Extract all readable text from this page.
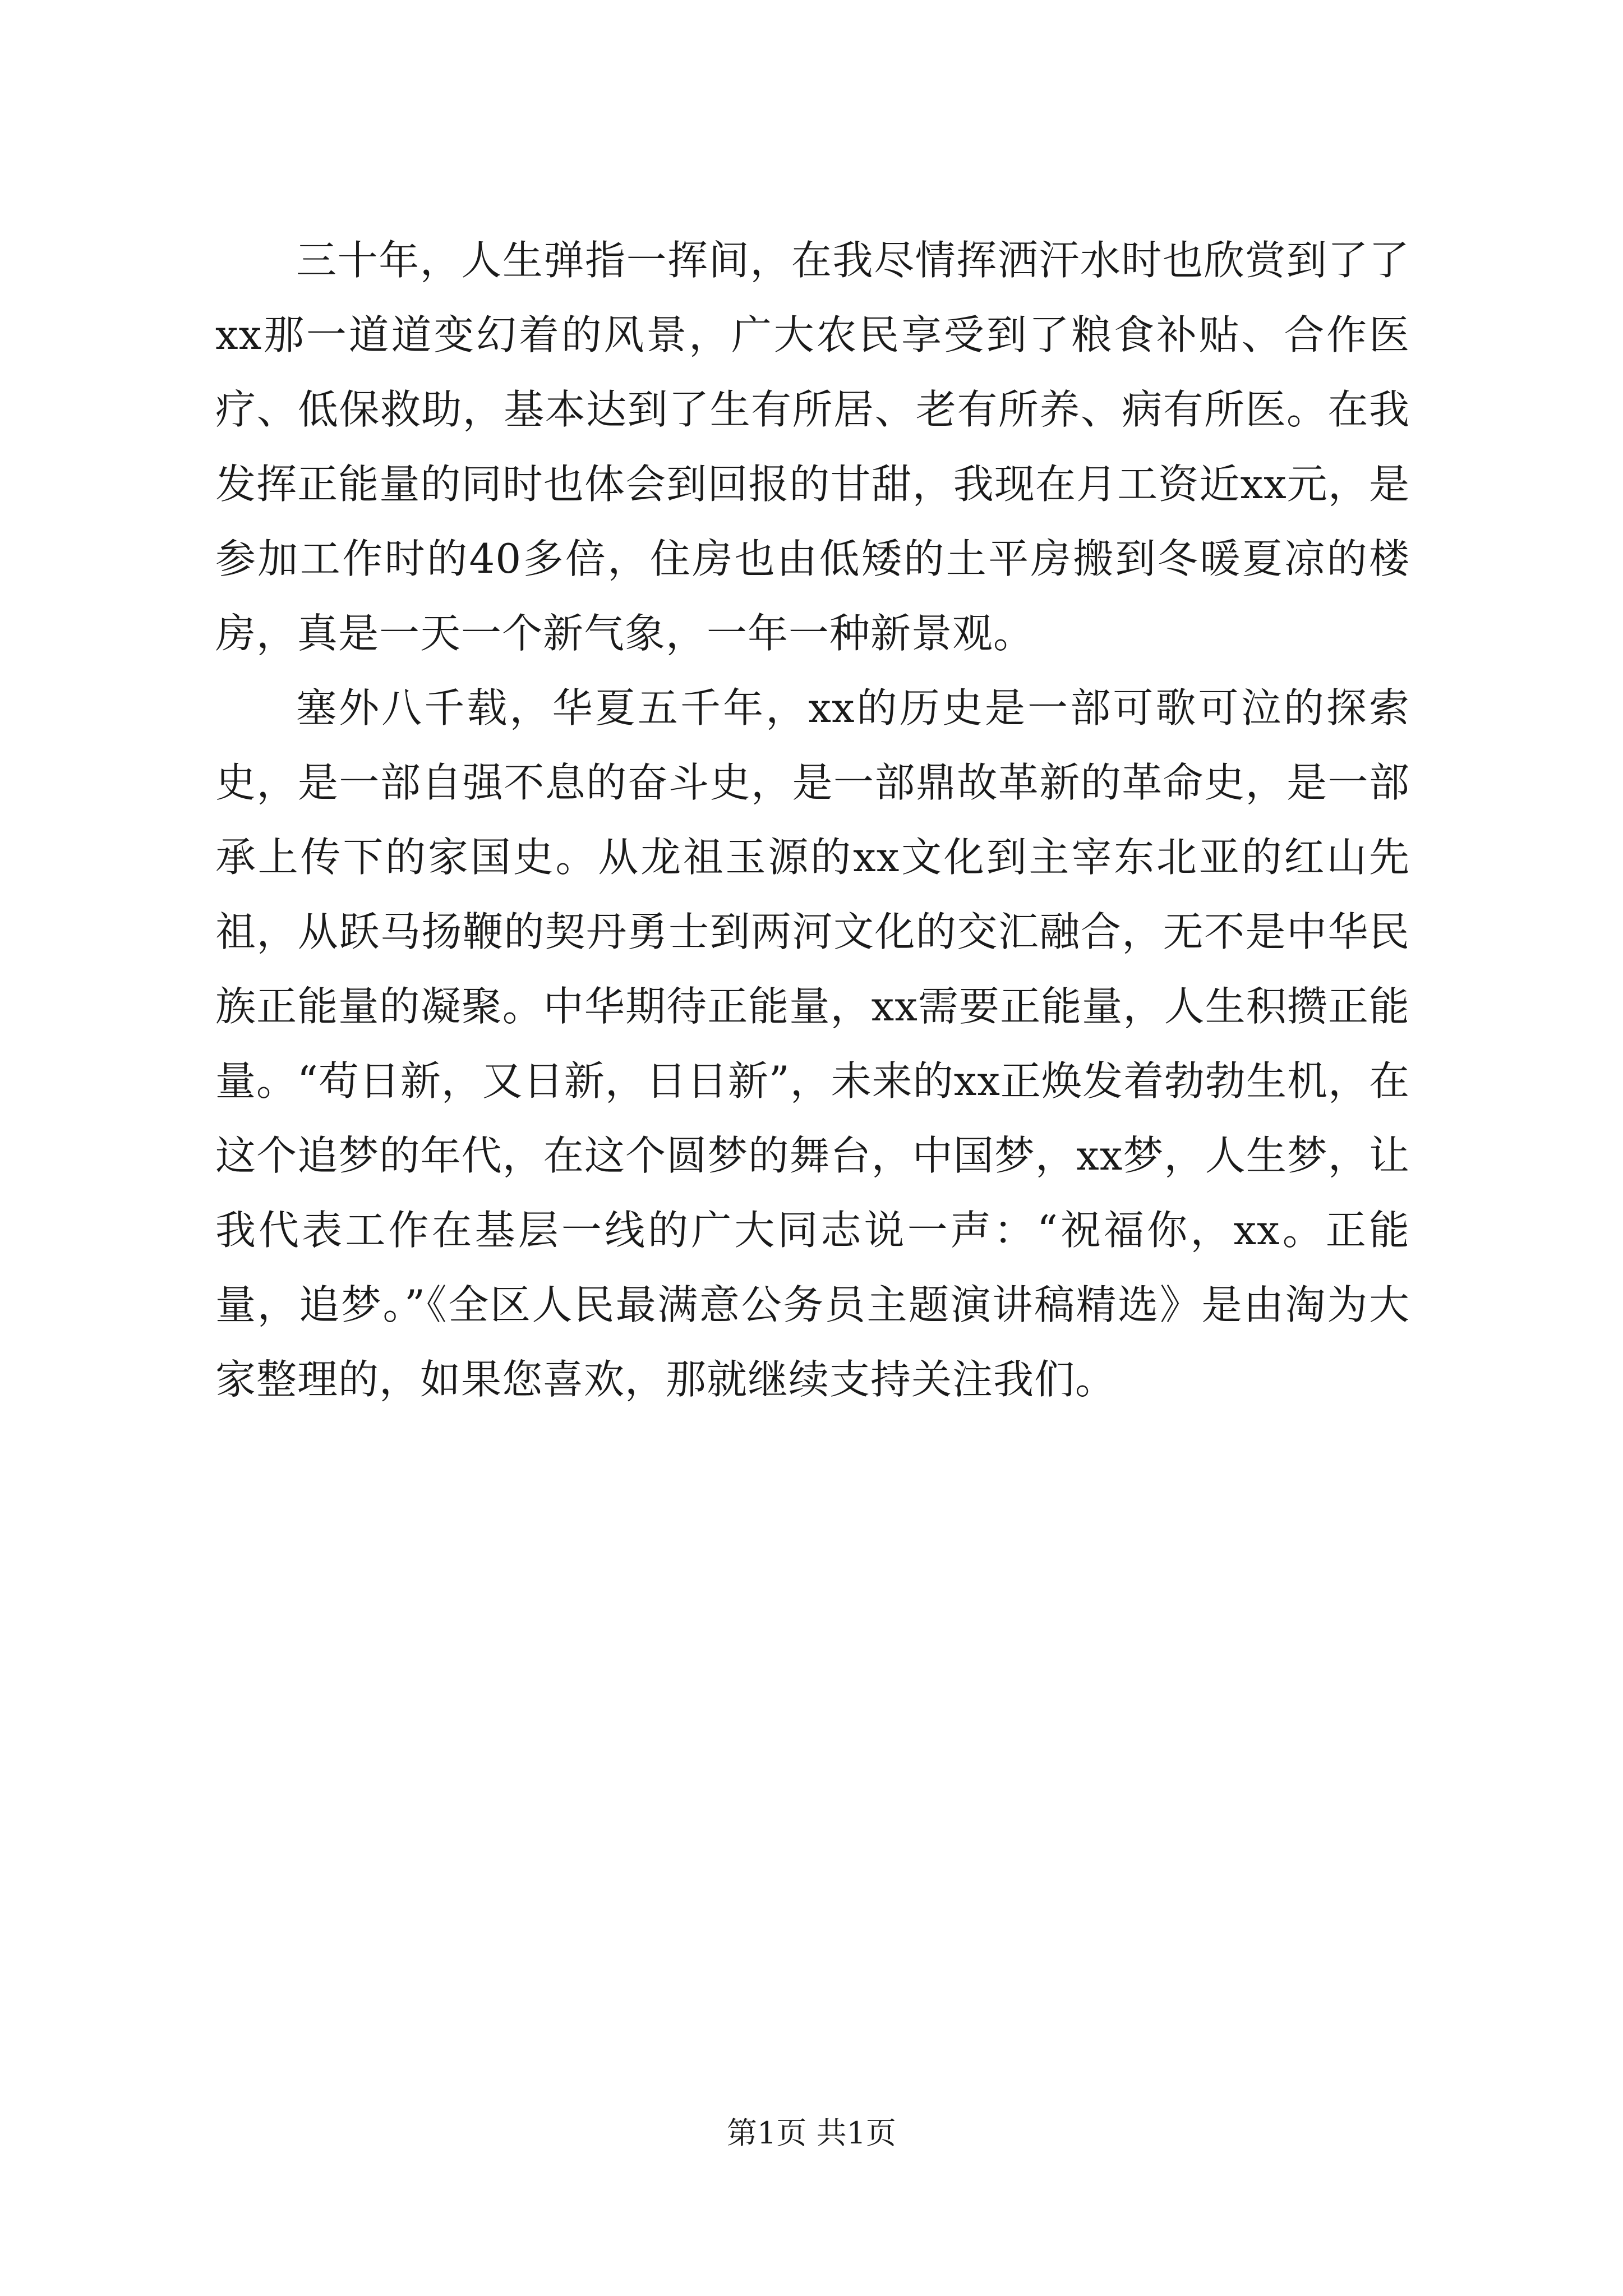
三十年，人生弹指一挥间，在我尽情挥洒汗水时也欣赏到了了xx那一道道变幻着的风景，广大农民享受到了粮食补贴、合作医疗、低保救助，基本达到了生有所居、老有所养、病有所医。在我发挥正能量的同时也体会到回报的甘甜，我现在月工资近xx元，是参加工作时的40多倍，住房也由低矮的土平房搬到冬暖夏凉的楼房，真是一天一个新气象，一年一种新景观。

塞外八千载，华夏五千年，xx的历史是一部可歌可泣的探索史，是一部自强不息的奋斗史，是一部鼎故革新的革命史，是一部承上传下的家国史。从龙祖玉源的xx文化到主宰东北亚的红山先祖，从跃马扬鞭的契丹勇士到两河文化的交汇融合，无不是中华民族正能量的凝聚。中华期待正能量，xx需要正能量，人生积攒正能量。“苟日新，又日新，日日新”，未来的xx正焕发着勃勃生机，在这个追梦的年代，在这个圆梦的舞台，中国梦，xx梦，人生梦，让我代表工作在基层一线的广大同志说一声：“祝福你，xx。正能量，追梦。”《全区人民最满意公务员主题演讲稿精选》是由淘为大家整理的，如果您喜欢，那就继续支持关注我们。

第1页 共1页
